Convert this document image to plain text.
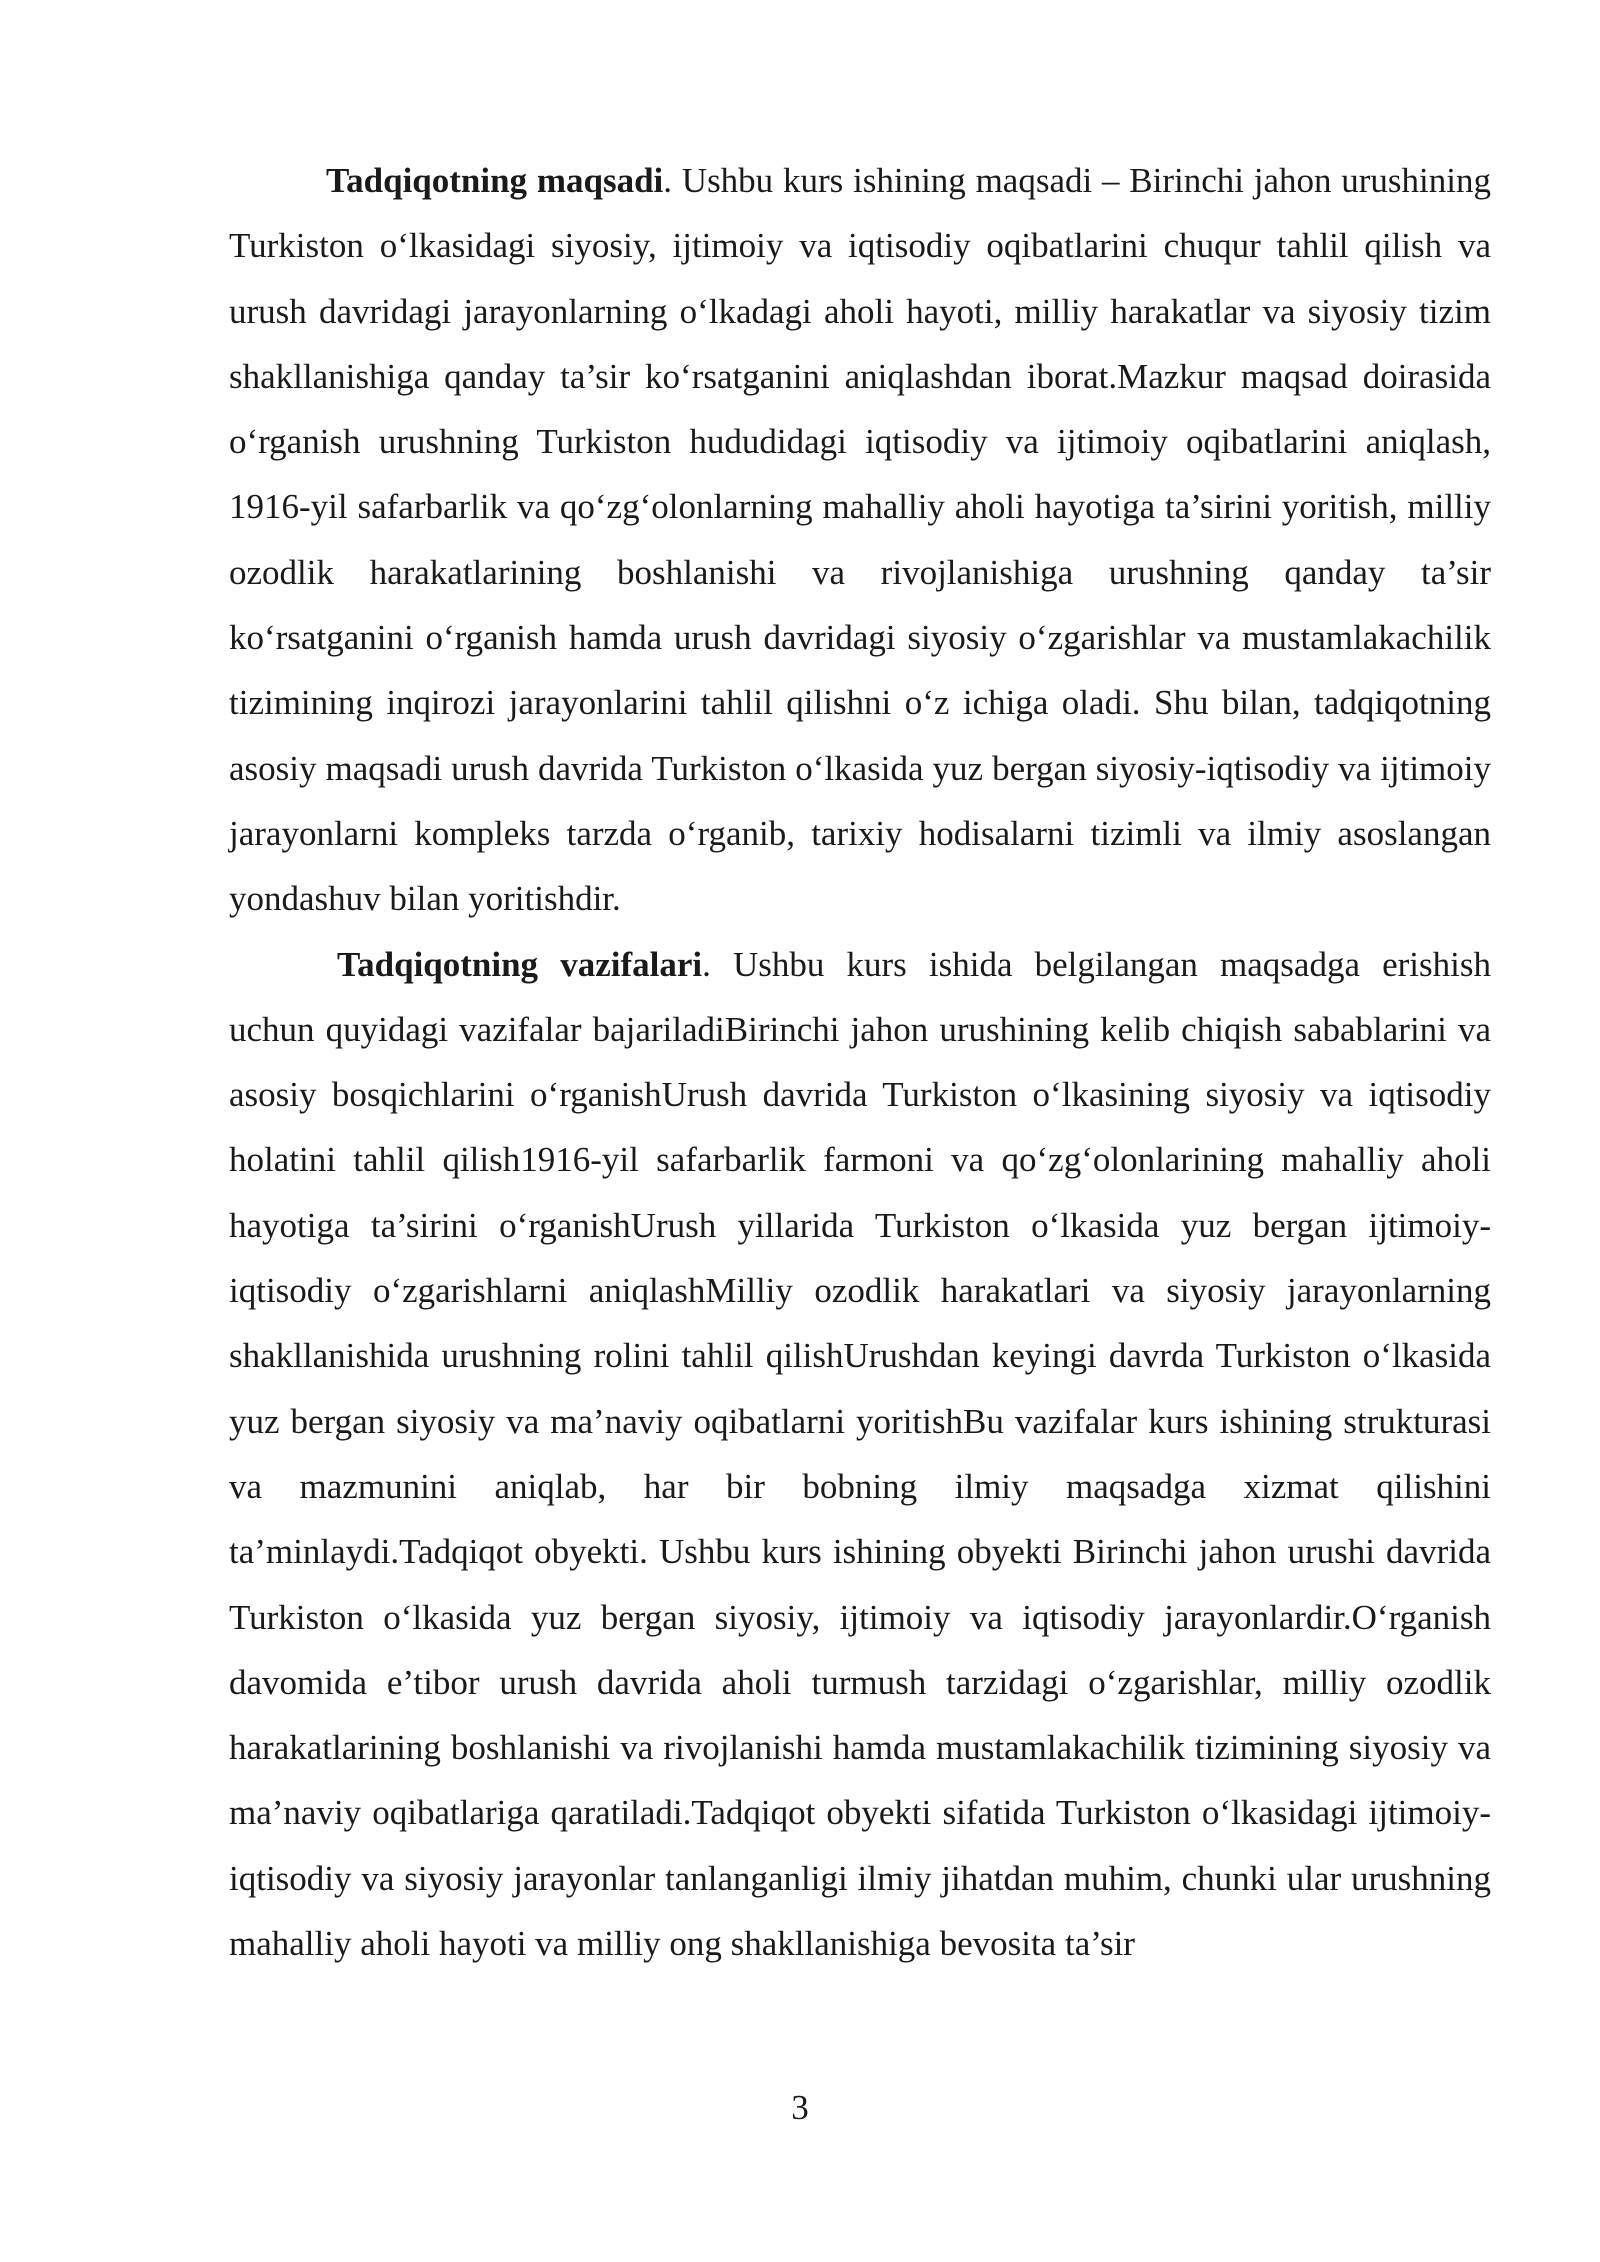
Tadqiqotning maqsadi. Ushbu kurs ishining maqsadi – Birinchi jahon urushining Turkiston o‘lkasidagi siyosiy, ijtimoiy va iqtisodiy oqibatlarini chuqur tahlil qilish va urush davridagi jarayonlarning o‘lkadagi aholi hayoti, milliy harakatlar va siyosiy tizim shakllanishiga qanday ta’sir ko‘rsatganini aniqlashdan iborat.Mazkur maqsad doirasida o‘rganish urushning Turkiston hududidagi iqtisodiy va ijtimoiy oqibatlarini aniqlash, 1916-yil safarbarlik va qo‘zg‘olonlarning mahalliy aholi hayotiga ta’sirini yoritish, milliy ozodlik harakatlarining boshlanishi va rivojlanishiga urushning qanday ta’sir ko‘rsatganini o‘rganish hamda urush davridagi siyosiy o‘zgarishlar va mustamlakachilik tizimining inqirozi jarayonlarini tahlil qilishni o‘z ichiga oladi. Shu bilan, tadqiqotning asosiy maqsadi urush davrida Turkiston o‘lkasida yuz bergan siyosiy-iqtisodiy va ijtimoiy jarayonlarni kompleks tarzda o‘rganib, tarixiy hodisalarni tizimli va ilmiy asoslangan yondashuv bilan yoritishdir.

Tadqiqotning vazifalari. Ushbu kurs ishida belgilangan maqsadga erishish uchun quyidagi vazifalar bajariladiBirinchi jahon urushining kelib chiqish sabablarini va asosiy bosqichlarini o‘rganishUrush davrida Turkiston o‘lkasining siyosiy va iqtisodiy holatini tahlil qilish1916-yil safarbarlik farmoni va qo‘zg‘olonlarining mahalliy aholi hayotiga ta’sirini o‘rganishUrush yillarida Turkiston o‘lkasida yuz bergan ijtimoiy-iqtisodiy o‘zgarishlarni aniqlashMilliy ozodlik harakatlari va siyosiy jarayonlarning shakllanishida urushning rolini tahlil qilishUrushdan keyingi davrda Turkiston o‘lkasida yuz bergan siyosiy va ma’naviy oqibatlarni yoritishBu vazifalar kurs ishining strukturasi va mazmunini aniqlab, har bir bobning ilmiy maqsadga xizmat qilishini ta’minlaydi.Tadqiqot obyekti. Ushbu kurs ishining obyekti Birinchi jahon urushi davrida Turkiston o‘lkasida yuz bergan siyosiy, ijtimoiy va iqtisodiy jarayonlardir.O‘rganish davomida e’tibor urush davrida aholi turmush tarzidagi o‘zgarishlar, milliy ozodlik harakatlarining boshlanishi va rivojlanishi hamda mustamlakachilik tizimining siyosiy va ma’naviy oqibatlariga qaratiladi.Tadqiqot obyekti sifatida Turkiston o‘lkasidagi ijtimoiy-iqtisodiy va siyosiy jarayonlar tanlanganligi ilmiy jihatdan muhim, chunki ular urushning mahalliy aholi hayoti va milliy ong shakllanishiga bevosita ta’sir

3
